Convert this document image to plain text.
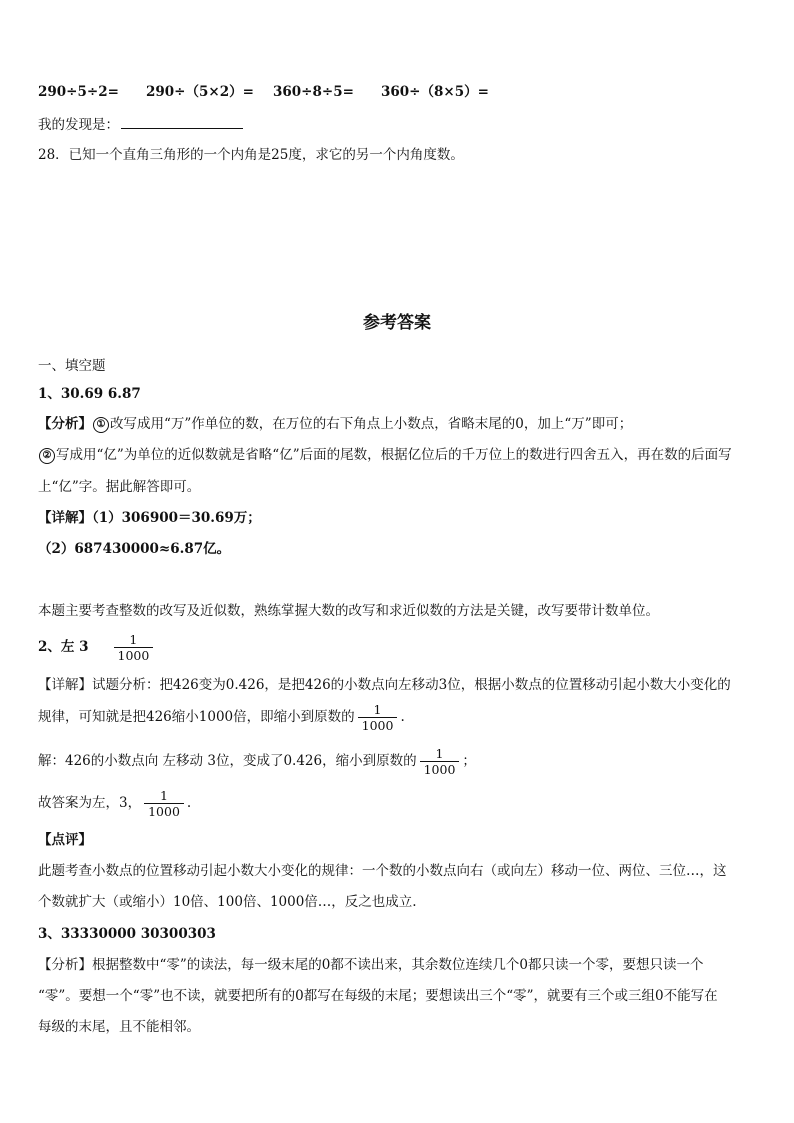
290÷5÷2= 290÷（5×2）= 360÷8÷5= 360÷（8×5）=
我的发现是：
28．已知一个直角三角形的一个内角是25度，求它的另一个内角度数。
参考答案
一、填空题
1、30.69 6.87
【分析】 ① 改写成用“万”作单位的数，在万位的右下角点上小数点，省略末尾的0，加上“万”即可；
② 写成用“亿”为单位的近似数就是省略“亿”后面的尾数，根据亿位后的千万位上的数进行四舍五入，再在数的后面写
上“亿”字。据此解答即可。
【详解】（1）306900＝30.69万；
（2）687430000≈6.87亿。
本题主要考查整数的改写及近似数，熟练掌握大数的改写和求近似数的方法是关键，改写要带计数单位。
2、左 $3 \frac{1}{1000}$
【详解】试题分析：把426变为0.426，是把426的小数点向左移动3位，根据小数点的位置移动引起小数大小变化的
规律，可知就是把426缩小1000倍，即缩小到原数的 $\frac{1}{1000}$ .
解：426的小数点向 左移动 3位，变成了0.426，缩小到原数的 $\frac{1}{1000}$ ；
故答案为左，3， $\frac{1}{1000}$ .
【点评】
此题考查小数点的位置移动引起小数大小变化的规律：一个数的小数点向右（或向左）移动一位、两位、三位…，这
个数就扩大（或缩小）10倍、100倍、1000倍…，反之也成立.
3、33330000 30300303
【分析】根据整数中“零”的读法，每一级末尾的0都不读出来，其余数位连续几个0都只读一个零，要想只读一个
“零”。要想一个“零”也不读，就要把所有的0都写在每级的末尾；要想读出三个“零”，就要有三个或三组0不能写在
每级的末尾，且不能相邻。
